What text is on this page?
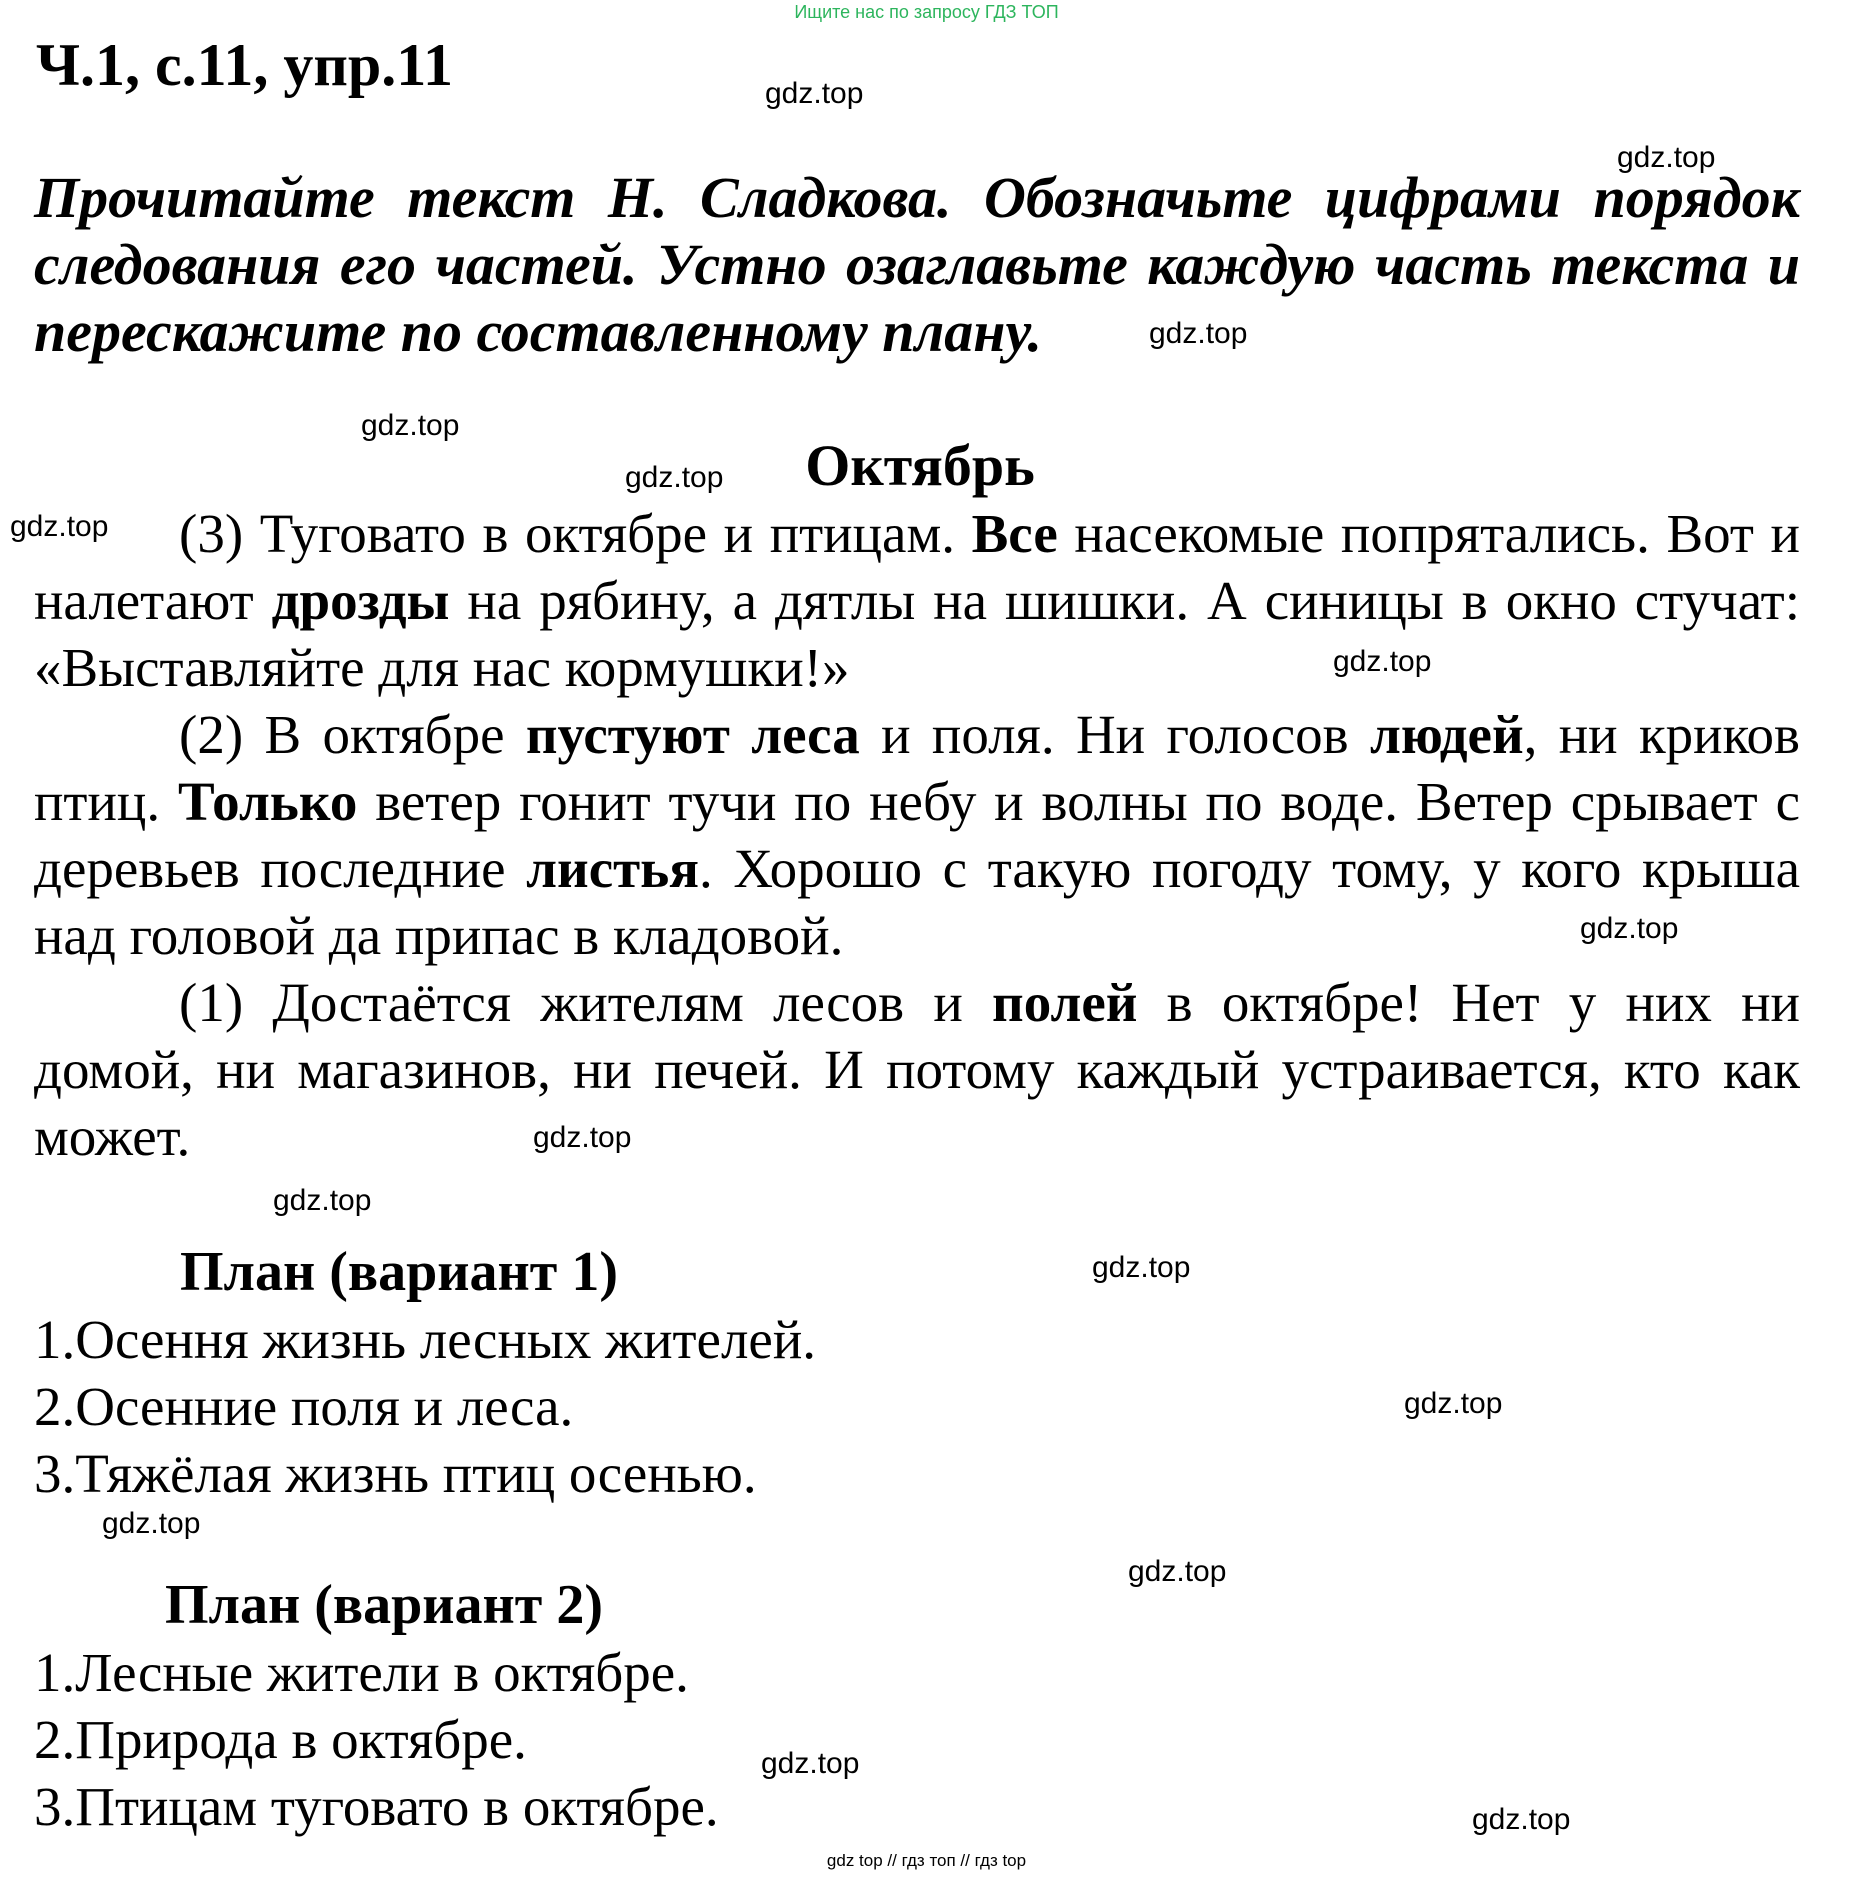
Ищите нас по запросу ГДЗ ТОП
Ч.1, с.11, упр.11
Прочитайте текст Н. Сладкова. Обозначьте цифрами порядок следования его частей. Устно озаглавьте каждую часть текста и перескажите по составленному плану.
Октябрь
(3) Туговато в октябре и птицам. Все насекомые попрятались. Вот и налетают дрозды на рябину, а дятлы на шишки. А синицы в окно стучат: «Выставляйте для нас кормушки!»
(2) В октябре пустуют леса и поля. Ни голосов людей, ни криков птиц. Только ветер гонит тучи по небу и волны по воде. Ветер срывает с деревьев последние листья. Хорошо с такую погоду тому, у кого крыша над головой да припас в кладовой.
(1) Достаётся жителям лесов и полей в октябре! Нет у них ни домой, ни магазинов, ни печей. И потому каждый устраивается, кто как может.
План (вариант 1)
1.Осення жизнь лесных жителей.
2.Осенние поля и леса.
3.Тяжёлая жизнь птиц осенью.
План (вариант 2)
1.Лесные жители в октябре.
2.Природа в октябре.
3.Птицам туговато в октябре.
gdz.top
gdz.top
gdz.top
gdz.top
gdz.top
gdz.top
gdz.top
gdz.top
gdz.top
gdz.top
gdz.top
gdz.top
gdz.top
gdz.top
gdz.top
gdz.top
gdz top // гдз топ // гдз top
